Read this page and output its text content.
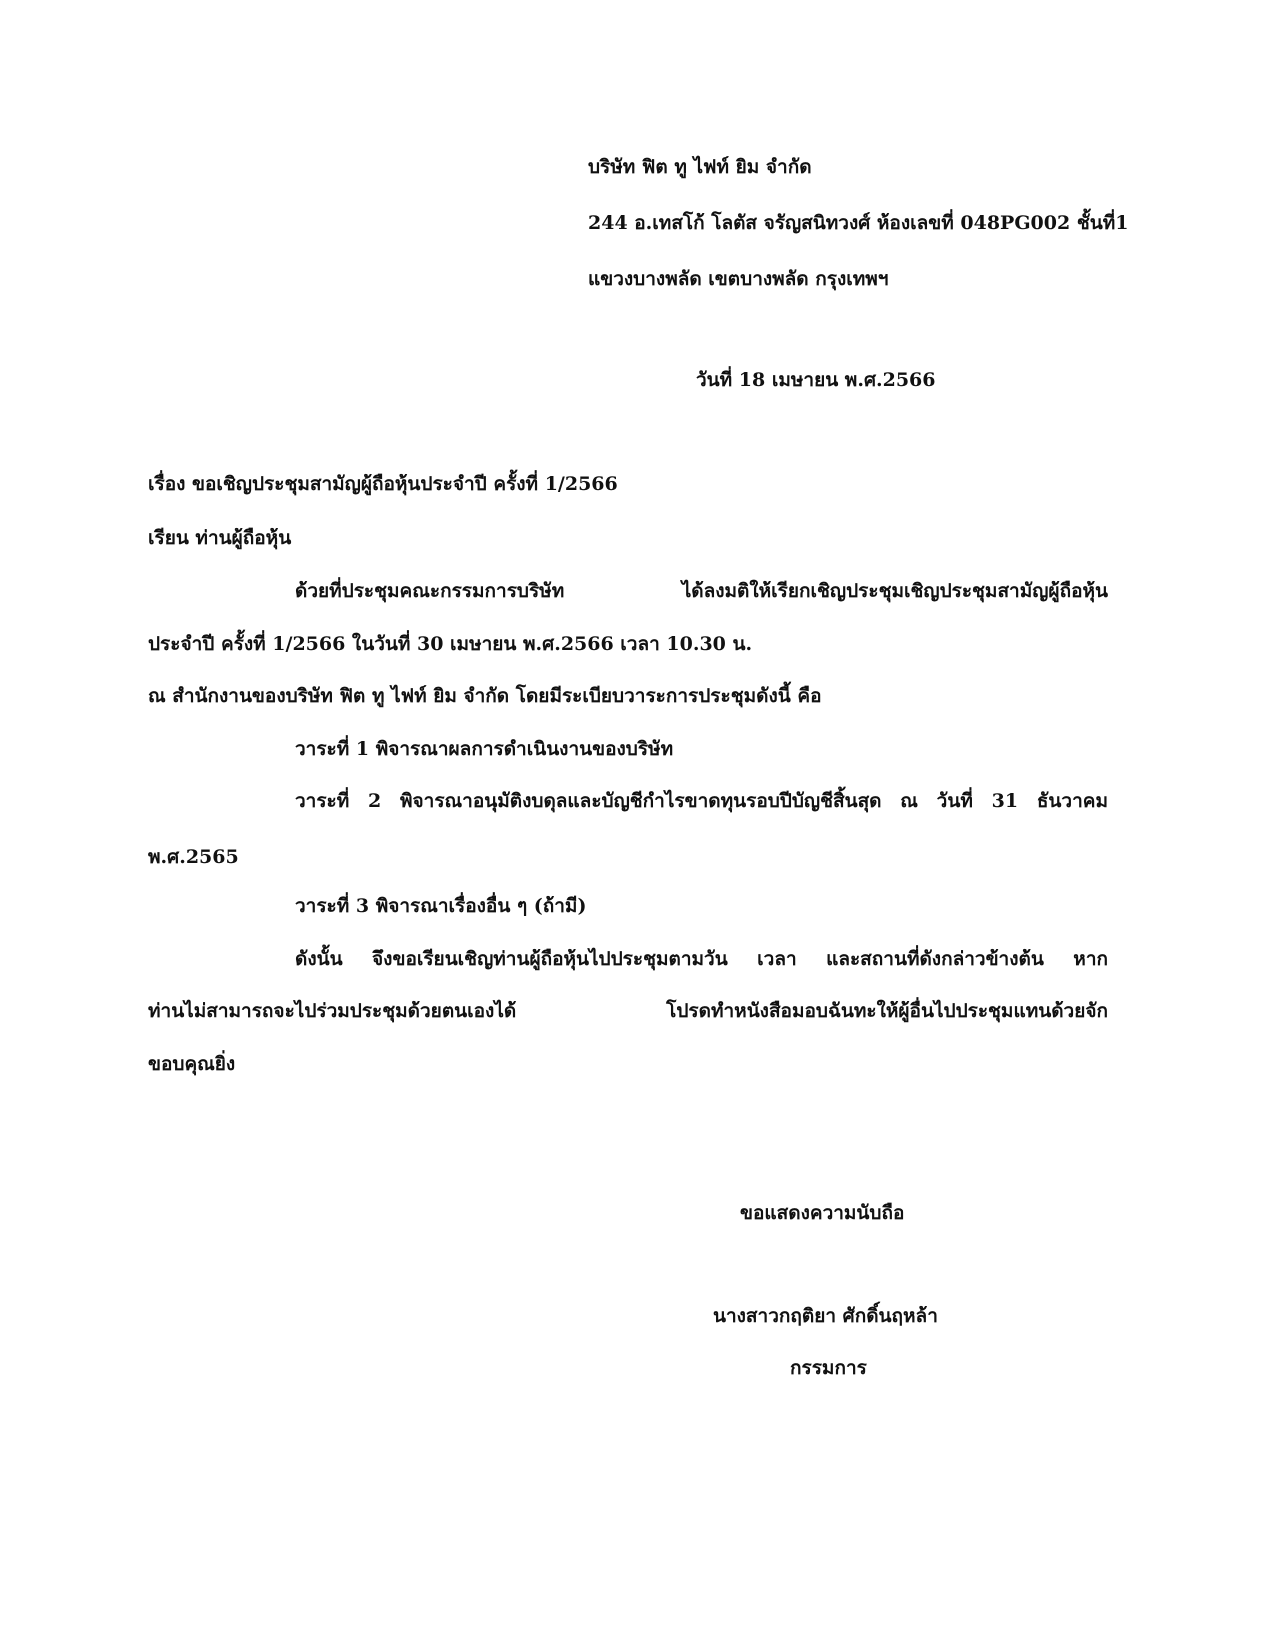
บริษัท ฟิต ทู ไฟท์ ยิม จำกัด
244 อ.เทสโก้ โลตัส จรัญสนิทวงศ์ ห้องเลขที่ 048PG002 ชั้นที่1
แขวงบางพลัด เขตบางพลัด กรุงเทพฯ
วันที่ 18 เมษายน พ.ศ.2566
เรื่อง ขอเชิญประชุมสามัญผู้ถือหุ้นประจำปี ครั้งที่ 1/2566
เรียน ท่านผู้ถือหุ้น
ด้วยที่ประชุมคณะกรรมการบริษัท ได้ลงมติให้เรียกเชิญประชุมเชิญประชุมสามัญผู้ถือหุ้น
ประจำปี ครั้งที่ 1/2566 ในวันที่ 30 เมษายน พ.ศ.2566 เวลา 10.30 น.
ณ สำนักงานของบริษัท ฟิต ทู ไฟท์ ยิม จำกัด โดยมีระเบียบวาระการประชุมดังนี้ คือ
วาระที่ 1 พิจารณาผลการดำเนินงานของบริษัท
วาระที่ 2 พิจารณาอนุมัติงบดุลและบัญชีกำไรขาดทุนรอบปีบัญชีสิ้นสุด ณ วันที่ 31 ธันวาคม
พ.ศ.2565
วาระที่ 3 พิจารณาเรื่องอื่น ๆ (ถ้ามี)
ดังนั้น จึงขอเรียนเชิญท่านผู้ถือหุ้นไปประชุมตามวัน เวลา และสถานที่ดังกล่าวข้างต้น หาก
ท่านไม่สามารถจะไปร่วมประชุมด้วยตนเองได้ โปรดทำหนังสือมอบฉันทะให้ผู้อื่นไปประชุมแทนด้วยจัก
ขอบคุณยิ่ง
ขอแสดงความนับถือ
นางสาวกฤติยา ศักดิ์นฤหล้า
กรรมการ
